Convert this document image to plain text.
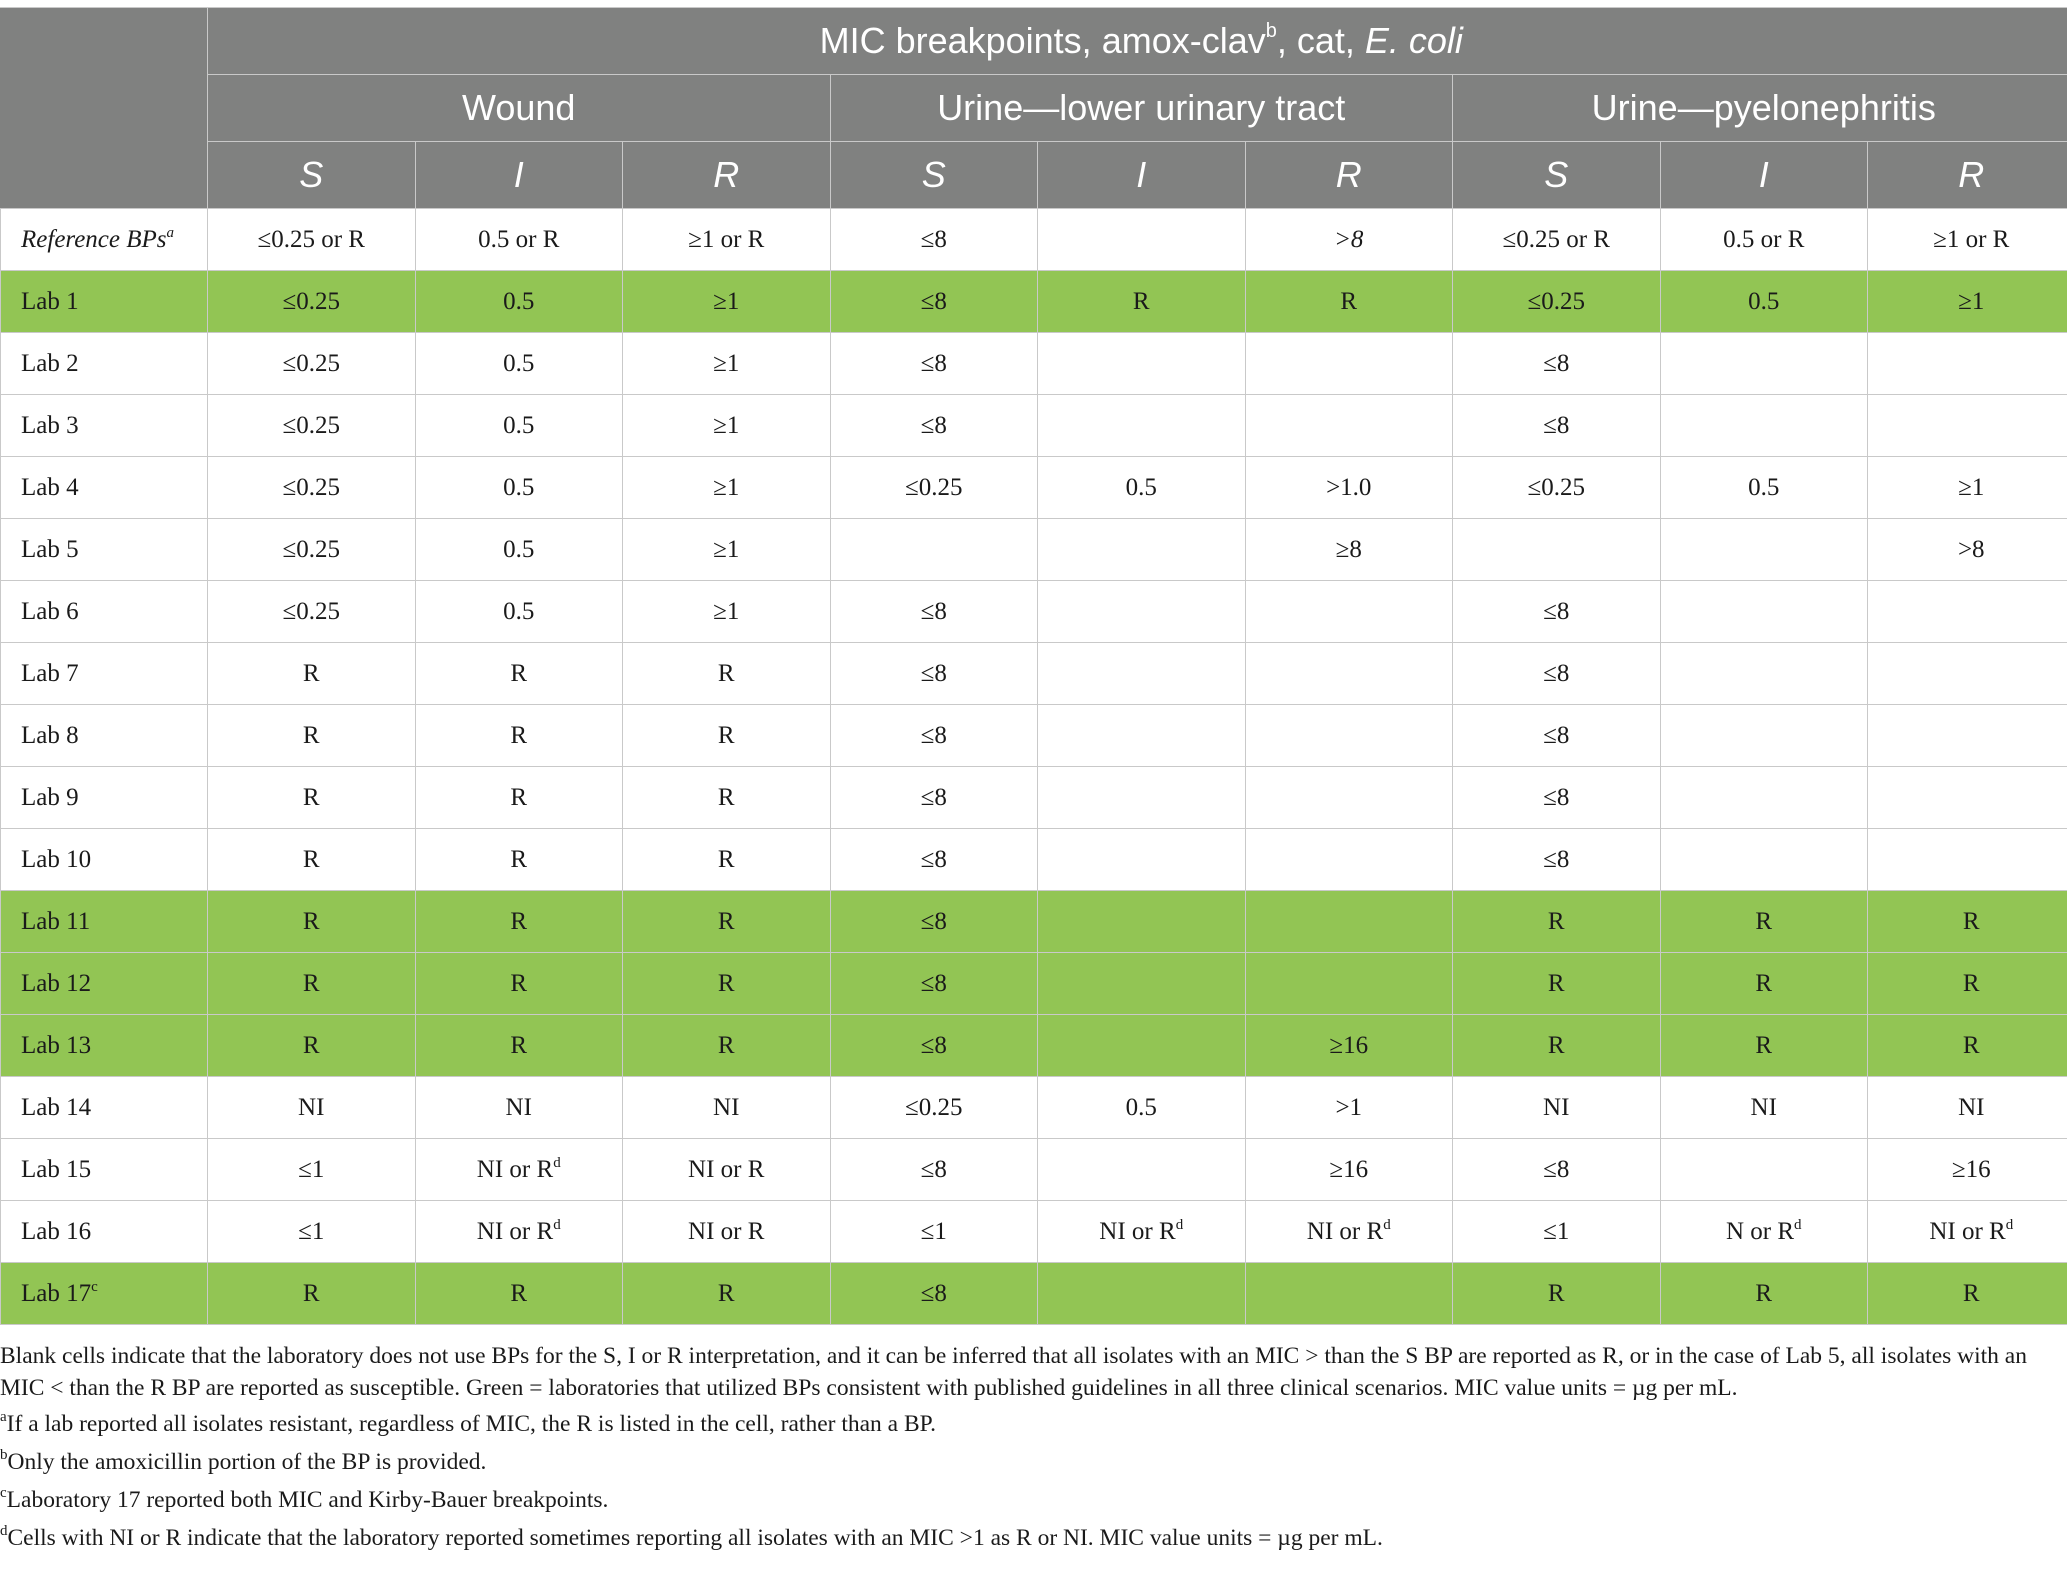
	MIC breakpoints, amox-clav$^b$, cat, E. coli								
	Wound			Urine—lower urinary tract			Urine—pyelonephritis		
	S	I	R	S	I	R	S	I	R
Reference BPs$^a$	≤0.25 or R	0.5 or R	≥1 or R	≤8		>8	≤0.25 or R	0.5 or R	≥1 or R
Lab 1	≤0.25	0.5	≥1	≤8	R	R	≤0.25	0.5	≥1
Lab 2	≤0.25	0.5	≥1	≤8			≤8		
Lab 3	≤0.25	0.5	≥1	≤8			≤8		
Lab 4	≤0.25	0.5	≥1	≤0.25	0.5	>1.0	≤0.25	0.5	≥1
Lab 5	≤0.25	0.5	≥1			≥8			>8
Lab 6	≤0.25	0.5	≥1	≤8			≤8		
Lab 7	R	R	R	≤8			≤8		
Lab 8	R	R	R	≤8			≤8		
Lab 9	R	R	R	≤8			≤8		
Lab 10	R	R	R	≤8			≤8		
Lab 11	R	R	R	≤8			R	R	R
Lab 12	R	R	R	≤8			R	R	R
Lab 13	R	R	R	≤8		≥16	R	R	R
Lab 14	NI	NI	NI	≤0.25	0.5	>1	NI	NI	NI
Lab 15	≤1	NI or $R^d$	NI or R	≤8		≥16	≤8		≥16
Lab 16	≤1	NI or $R^d$	NI or R	≤1	NI or $R^d$	NI or $R^d$	≤1	N or $R^d$	NI or $R^d$
Lab 17$^c$	R	R	R	≤8			R	R	R

Blank cells indicate that the laboratory does not use BPs for the S, I or R interpretation, and it can be inferred that all isolates with an MIC > than the S BP are reported as R, or in the case of Lab 5, all isolates with an MIC < than the R BP are reported as susceptible. Green = laboratories that utilized BPs consistent with published guidelines in all three clinical scenarios. MIC value units = µg per mL.

$^a$If a lab reported all isolates resistant, regardless of MIC, the R is listed in the cell, rather than a BP.

$^b$Only the amoxicillin portion of the BP is provided.

$^c$Laboratory 17 reported both MIC and Kirby-Bauer breakpoints.

$^d$Cells with NI or R indicate that the laboratory reported sometimes reporting all isolates with an MIC >1 as R or NI. MIC value units = µg per mL.
